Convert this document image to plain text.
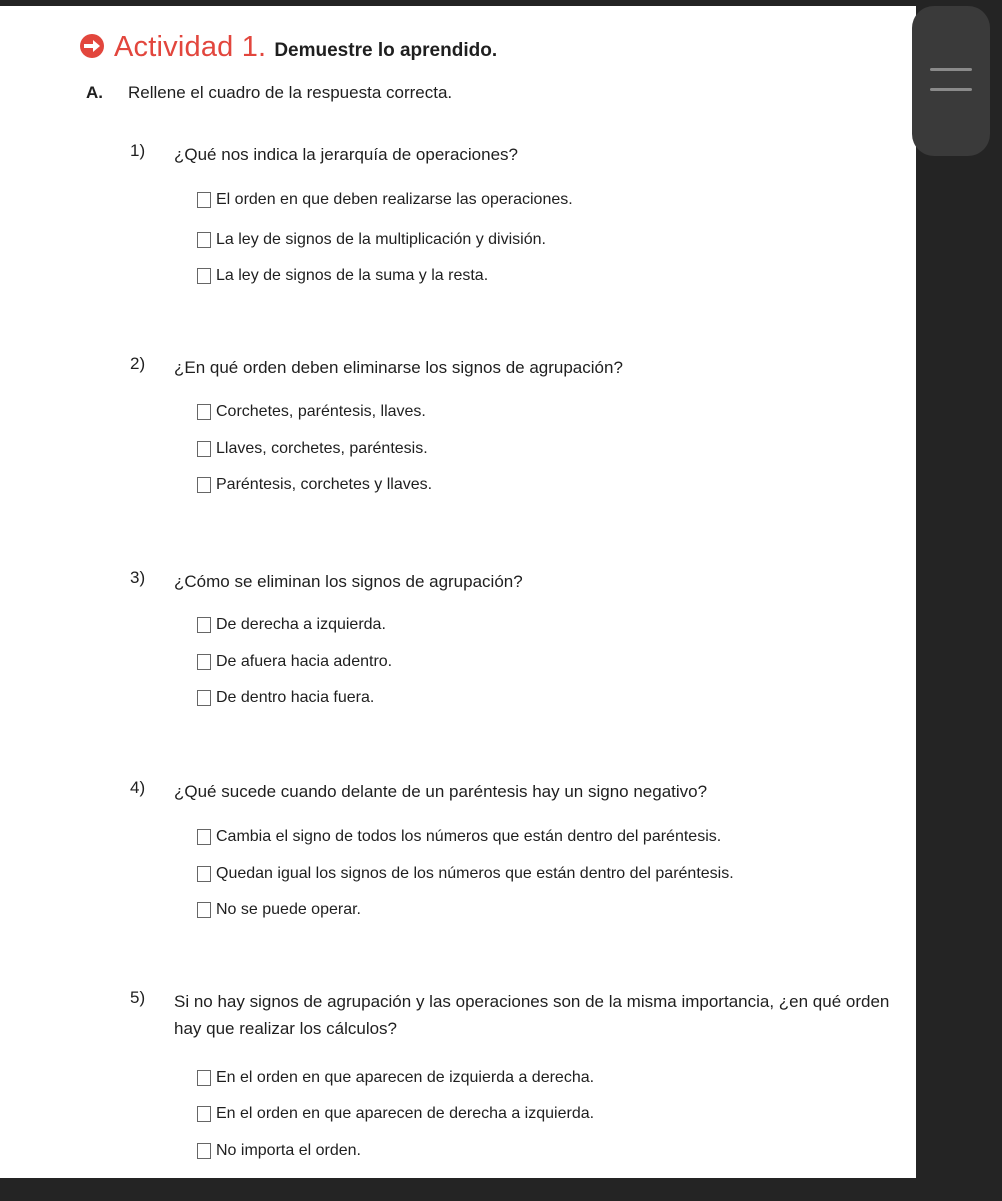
Actividad 1. Demuestre lo aprendido.
A.	Rellene el cuadro de la respuesta correcta.
1)	¿Qué nos indica la jerarquía de operaciones?
El orden en que deben realizarse las operaciones.
La ley de signos de la multiplicación y división.
La ley de signos de la suma y la resta.
2)	¿En qué orden deben eliminarse los signos de agrupación?
Corchetes, paréntesis, llaves.
Llaves, corchetes, paréntesis.
Paréntesis, corchetes y llaves.
3)	¿Cómo se eliminan los signos de agrupación?
De derecha a izquierda.
De afuera hacia adentro.
De dentro hacia fuera.
4)	¿Qué sucede cuando delante de un paréntesis hay un signo negativo?
Cambia el signo de todos los números que están dentro del paréntesis.
Quedan igual los signos de los números que están dentro del paréntesis.
No se puede operar.
5)	Si no hay signos de agrupación y las operaciones son de la misma importancia, ¿en qué orden hay que realizar los cálculos?
En el orden en que aparecen de izquierda a derecha.
En el orden en que aparecen de derecha a izquierda.
No importa el orden.
